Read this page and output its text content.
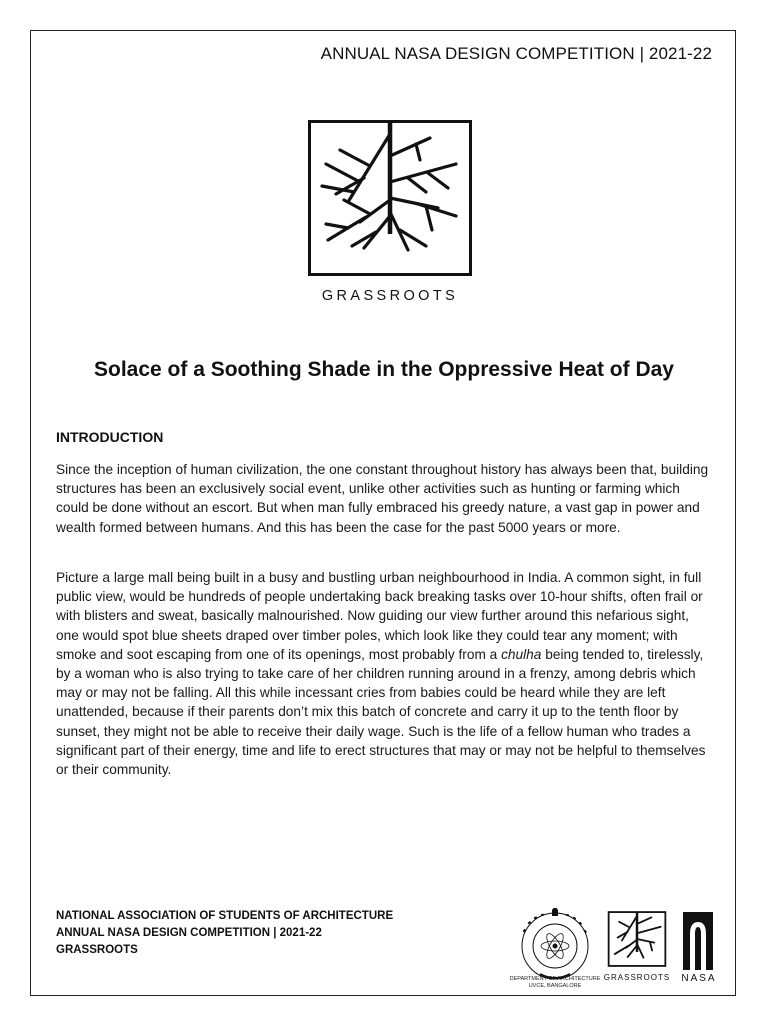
ANNUAL NASA DESIGN COMPETITION | 2021-22
GRASSROOTS
Solace of a Soothing Shade in the Oppressive Heat of Day
INTRODUCTION

Since the inception of human civilization, the one constant throughout history has always been that, building structures has been an exclusively social event, unlike other activities such as hunting or farming which could be done without an escort. But when man fully embraced his greedy nature, a vast gap in power and wealth formed between humans. And this has been the case for the past 5000 years or more.

Picture a large mall being built in a busy and bustling urban neighbourhood in India. A common sight, in full public view, would be hundreds of people undertaking back breaking tasks over 10-hour shifts, often frail or with blisters and sweat, basically malnourished. Now guiding our view further around this nefarious sight, one would spot blue sheets draped over timber poles, which look like they could tear any moment; with smoke and soot escaping from one of its openings, most probably from a chulha being tended to, tirelessly, by a woman who is also trying to take care of her children running around in a frenzy, among debris which may or may not be falling. All this while incessant cries from babies could be heard while they are left unattended, because if their parents don’t mix this batch of concrete and carry it up to the tenth floor by sunset, they might not be able to receive their daily wage. Such is the life of a fellow human who trades a significant part of their energy, time and life to erect structures that may or may not be helpful to themselves or their community.

NATIONAL ASSOCIATION OF STUDENTS OF ARCHITECTURE
ANNUAL NASA DESIGN COMPETITION | 2021-22
GRASSROOTS
DEPARTMENT OF ARCHITECTURE
UVCE, BANGALORE
GRASSROOTS	NASA
